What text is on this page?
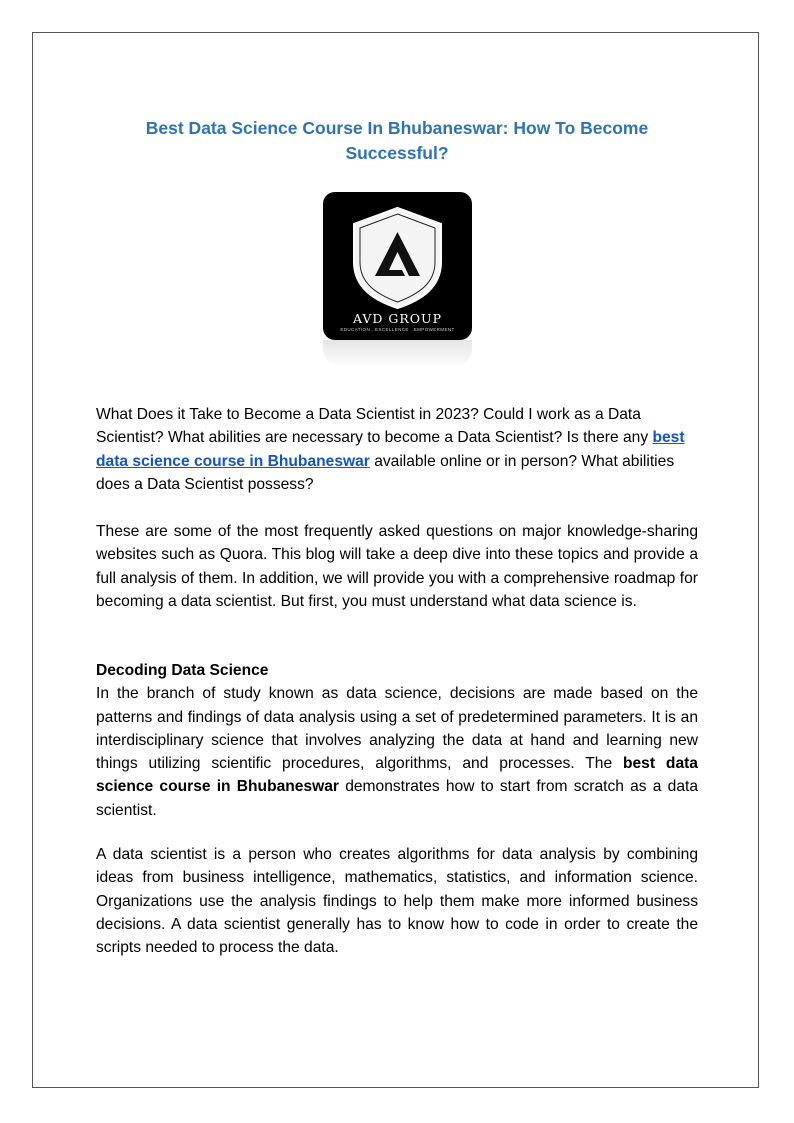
Best Data Science Course In Bhubaneswar: How To Become
Successful?
AVD GROUP
EDUCATION . EXCELLENCE . EMPOWERMENT

What Does it Take to Become a Data Scientist in 2023? Could I work as a Data Scientist? What abilities are necessary to become a Data Scientist? Is there any best data science course in Bhubaneswar available online or in person? What abilities does a Data Scientist possess?

These are some of the most frequently asked questions on major knowledge-sharing websites such as Quora. This blog will take a deep dive into these topics and provide a full analysis of them. In addition, we will provide you with a comprehensive roadmap for becoming a data scientist. But first, you must understand what data science is.

Decoding Data Science

In the branch of study known as data science, decisions are made based on the patterns and findings of data analysis using a set of predetermined parameters. It is an interdisciplinary science that involves analyzing the data at hand and learning new things utilizing scientific procedures, algorithms, and processes. The best data science course in Bhubaneswar demonstrates how to start from scratch as a data scientist.

A data scientist is a person who creates algorithms for data analysis by combining ideas from business intelligence, mathematics, statistics, and information science. Organizations use the analysis findings to help them make more informed business decisions. A data scientist generally has to know how to code in order to create the scripts needed to process the data.
